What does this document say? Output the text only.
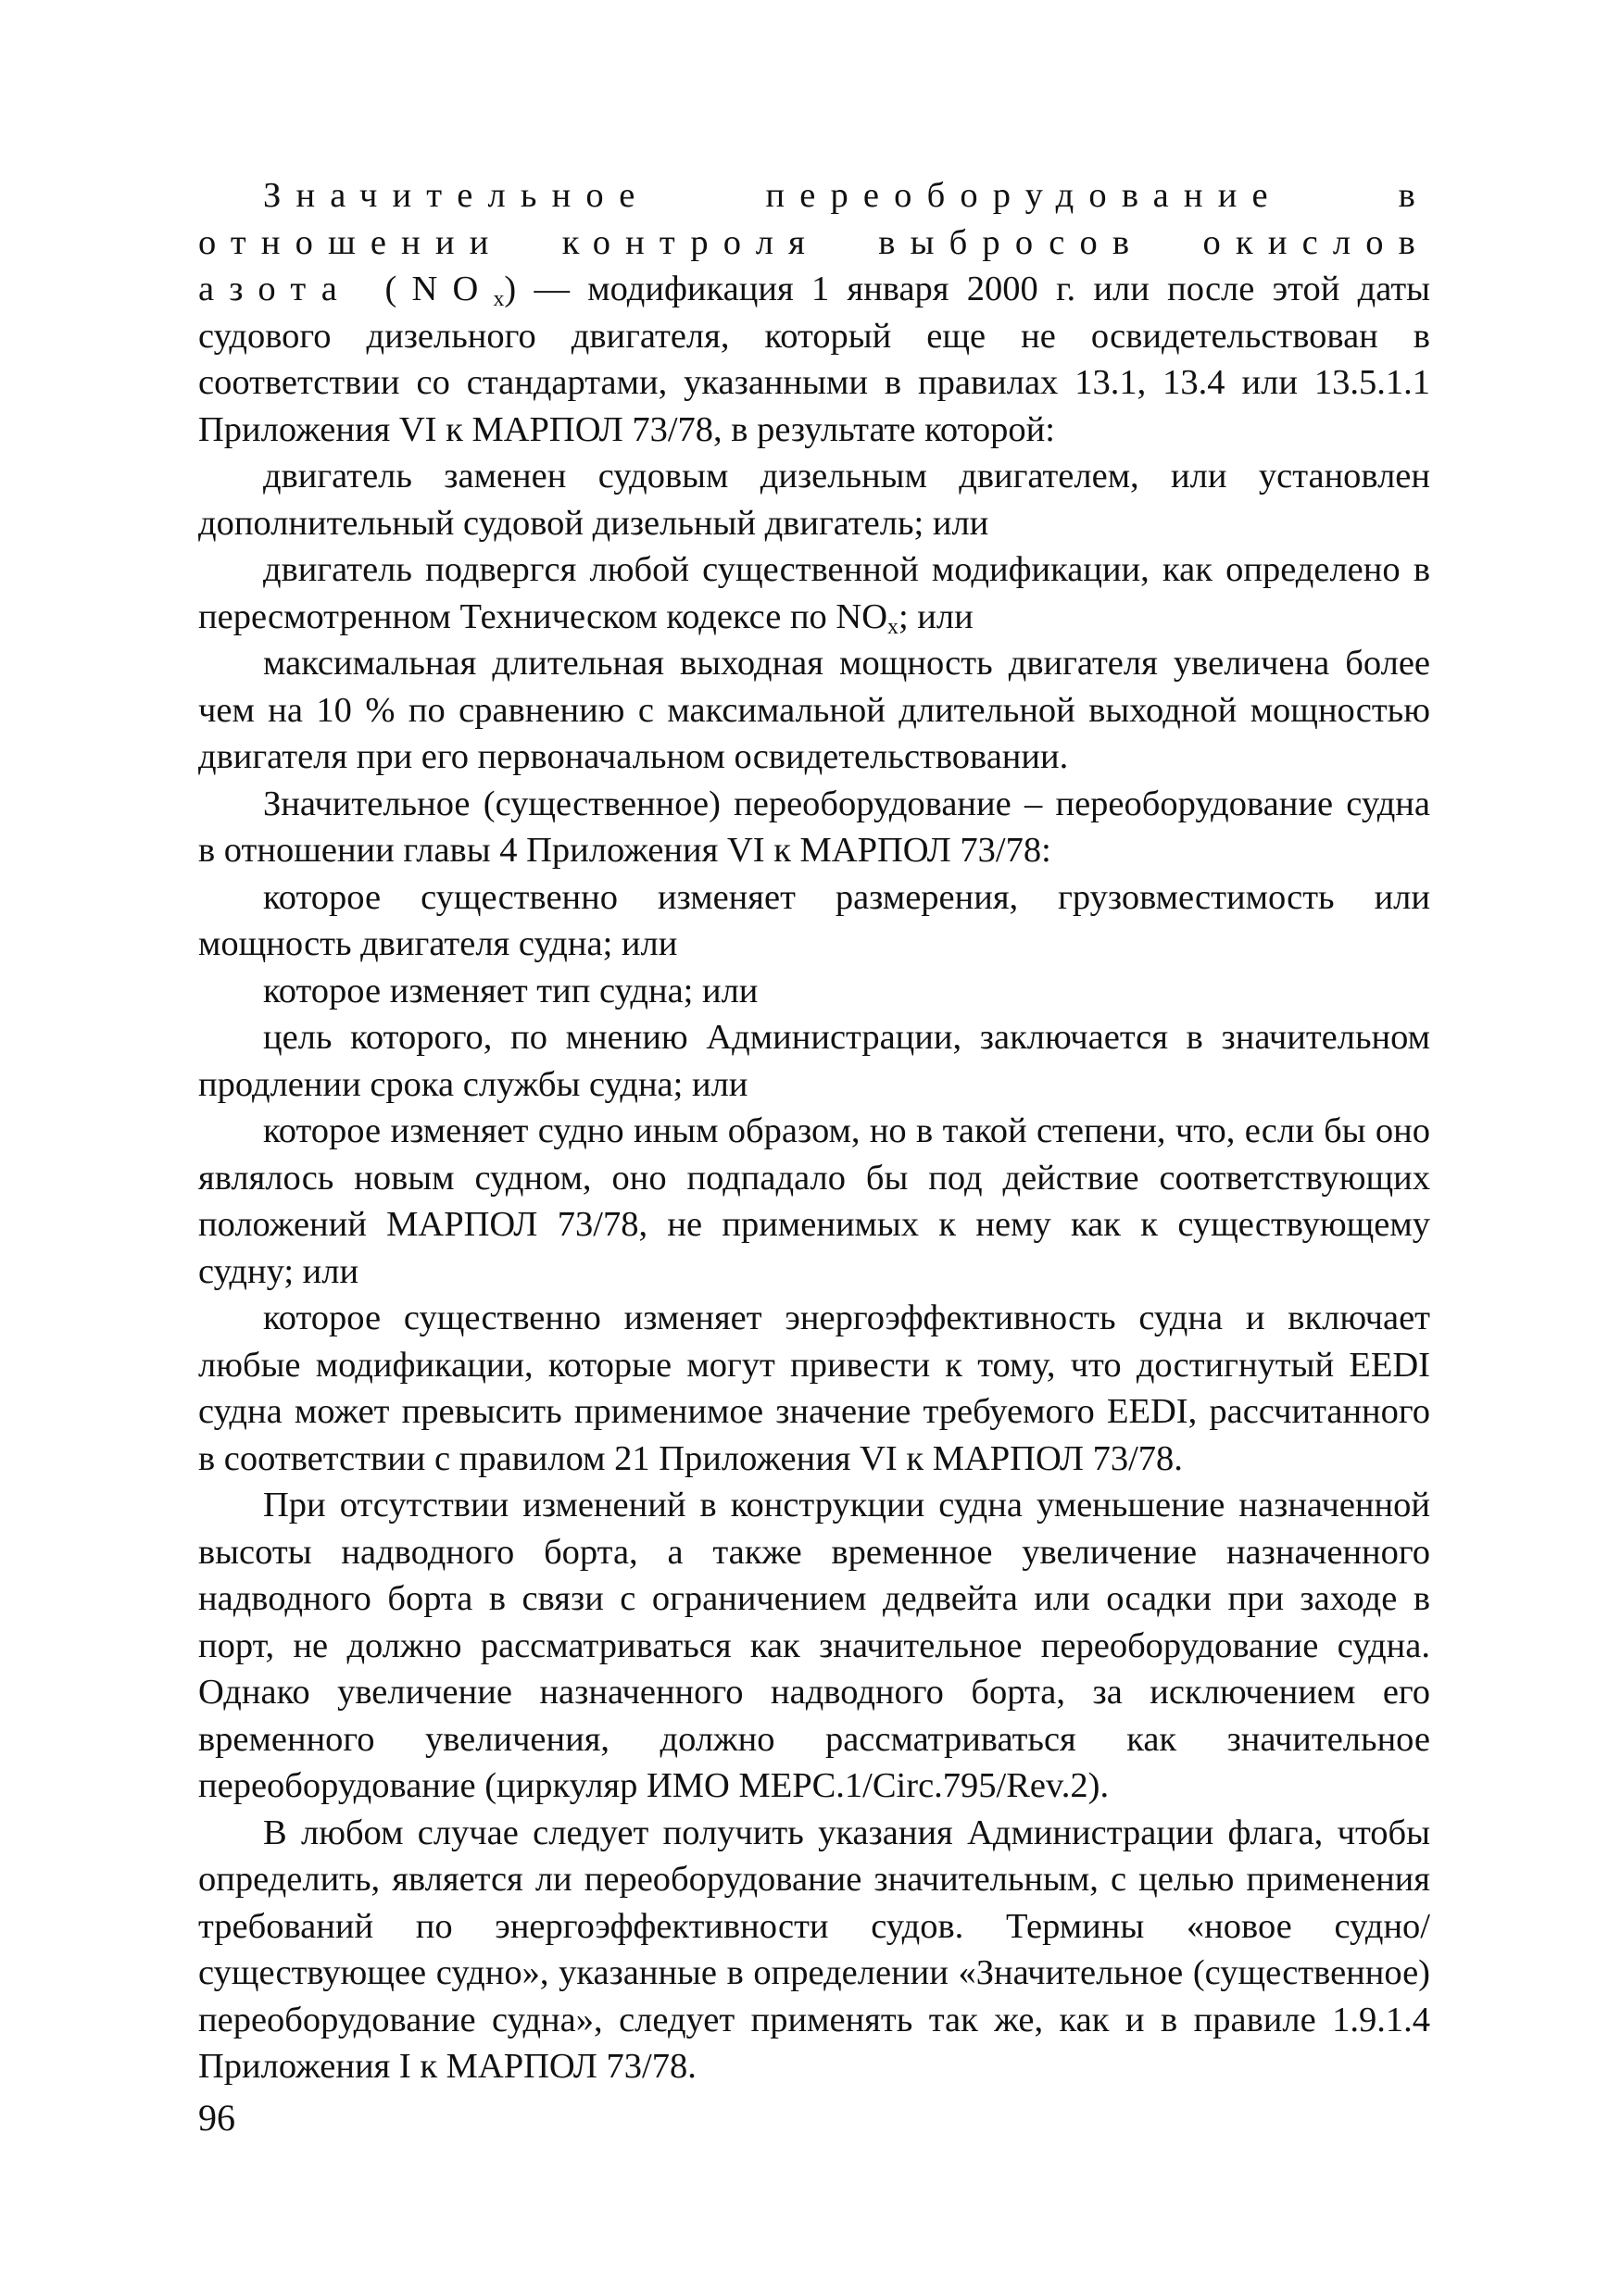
Значительное переоборудование в отношении контроля выбросов окислов азота $(NO_x)$ — модификация 1 января 2000 г. или после этой даты судового дизельного двигателя, который еще не освидетельствован в соответствии со стандартами, указанными в правилах 13.1, 13.4 или 13.5.1.1 Приложения VI к МАРПОЛ 73/78, в результате которой:

двигатель заменен судовым дизельным двигателем, или установлен дополнительный судовой дизельный двигатель; или

двигатель подвергся любой существенной модификации, как определено в пересмотренном Техническом кодексе по $NO_x$; или

максимальная длительная выходная мощность двигателя увеличена более чем на 10 % по сравнению с максимальной длительной выходной мощностью двигателя при его первоначальном освидетельствовании.

Значительное (существенное) переоборудование – переоборудование судна в отношении главы 4 Приложения VI к МАРПОЛ 73/78:

которое существенно изменяет размерения, грузовместимость или мощность двигателя судна; или

которое изменяет тип судна; или

цель которого, по мнению Администрации, заключается в значительном продлении срока службы судна; или

которое изменяет судно иным образом, но в такой степени, что, если бы оно являлось новым судном, оно подпадало бы под действие соответствующих положений МАРПОЛ 73/78, не применимых к нему как к существующему судну; или

которое существенно изменяет энергоэффективность судна и включает любые модификации, которые могут привести к тому, что достигнутый EEDI судна может превысить применимое значение требуемого EEDI, рассчитанного в соответствии с правилом 21 Приложения VI к МАРПОЛ 73/78.

При отсутствии изменений в конструкции судна уменьшение назначенной высоты надводного борта, а также временное увеличение назначенного надводного борта в связи с ограничением дедвейта или осадки при заходе в порт, не должно рассматриваться как значительное переоборудование судна. Однако увеличение назначенного надводного борта, за исключением его временного увеличения, должно рассматриваться как значительное переоборудование (циркуляр ИМО MEPC.1/Circ.795/Rev.2).

В любом случае следует получить указания Администрации флага, чтобы определить, является ли переоборудование значительным, с целью применения требований по энергоэффективности судов. Термины «новое судно/существующее судно», указанные в определении «Значительное (существенное) переоборудование судна», следует применять так же, как и в правиле 1.9.1.4 Приложения I к МАРПОЛ 73/78.

96
